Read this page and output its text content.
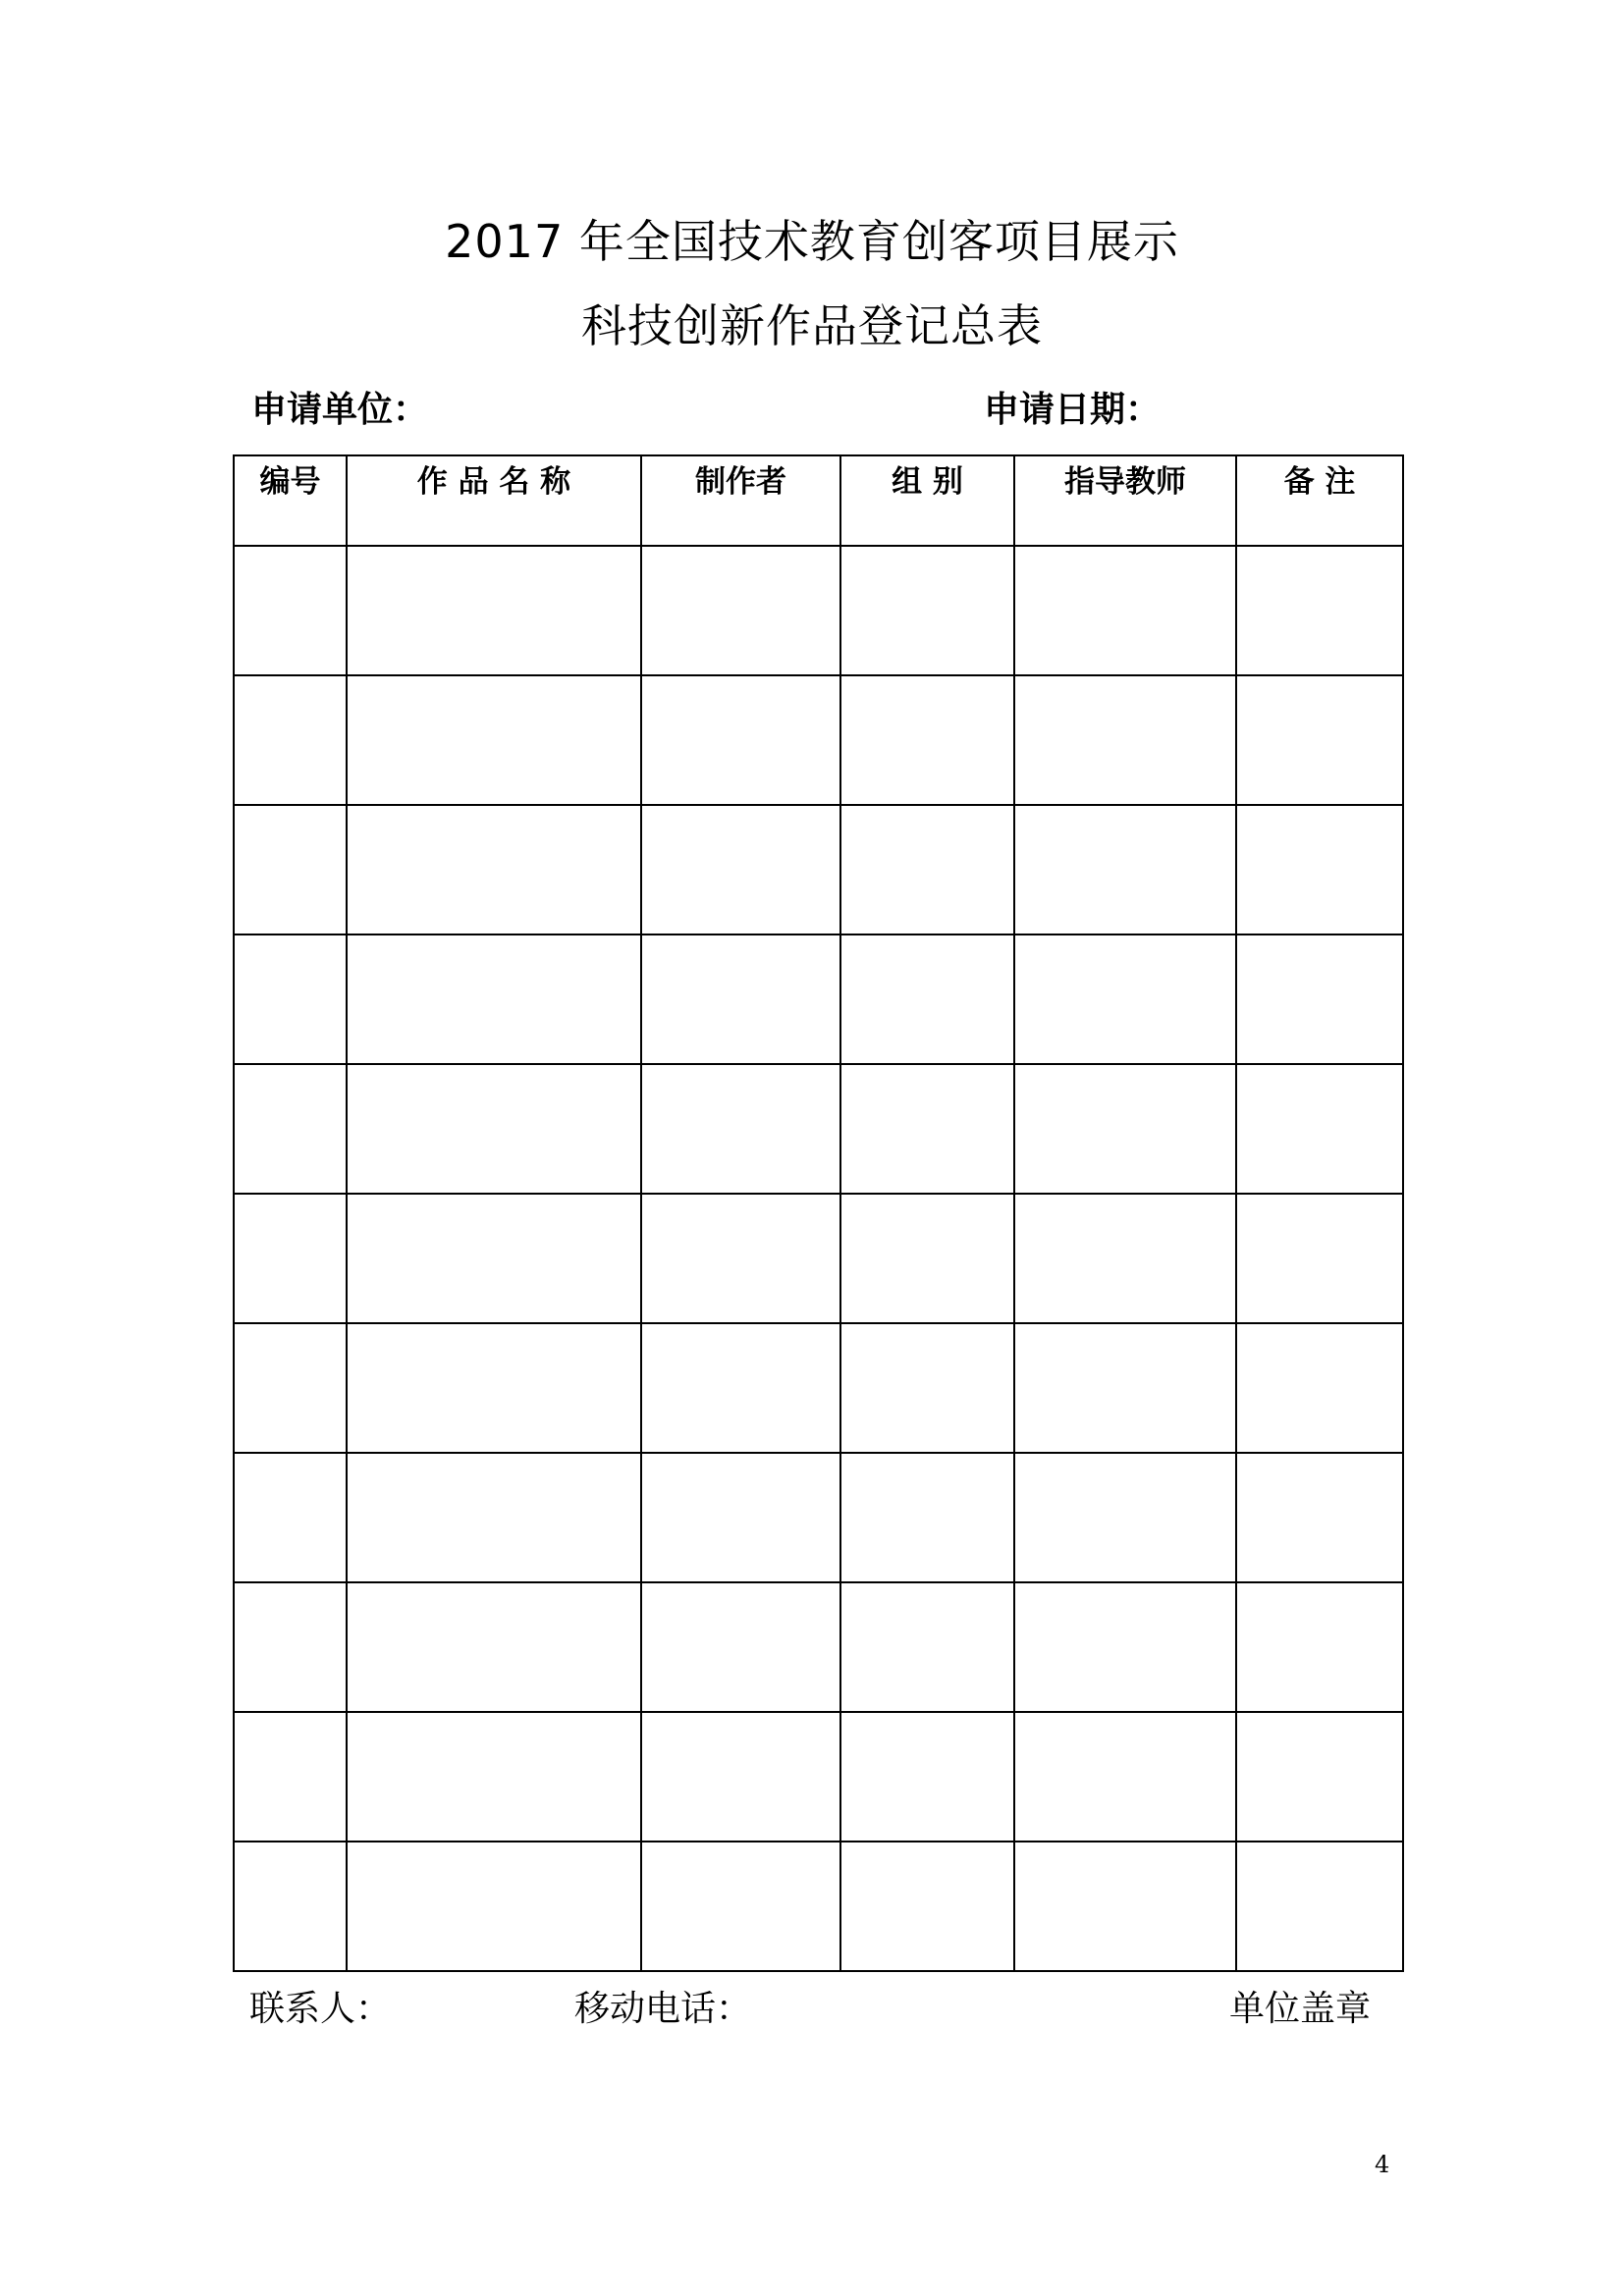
2017 年全国技术教育创客项目展示
科技创新作品登记总表
申请单位：	申请日期：
编号	作 品 名 称	制作者	组 别	指导教师	备 注

联系人：	移动电话：	单位盖章
4
